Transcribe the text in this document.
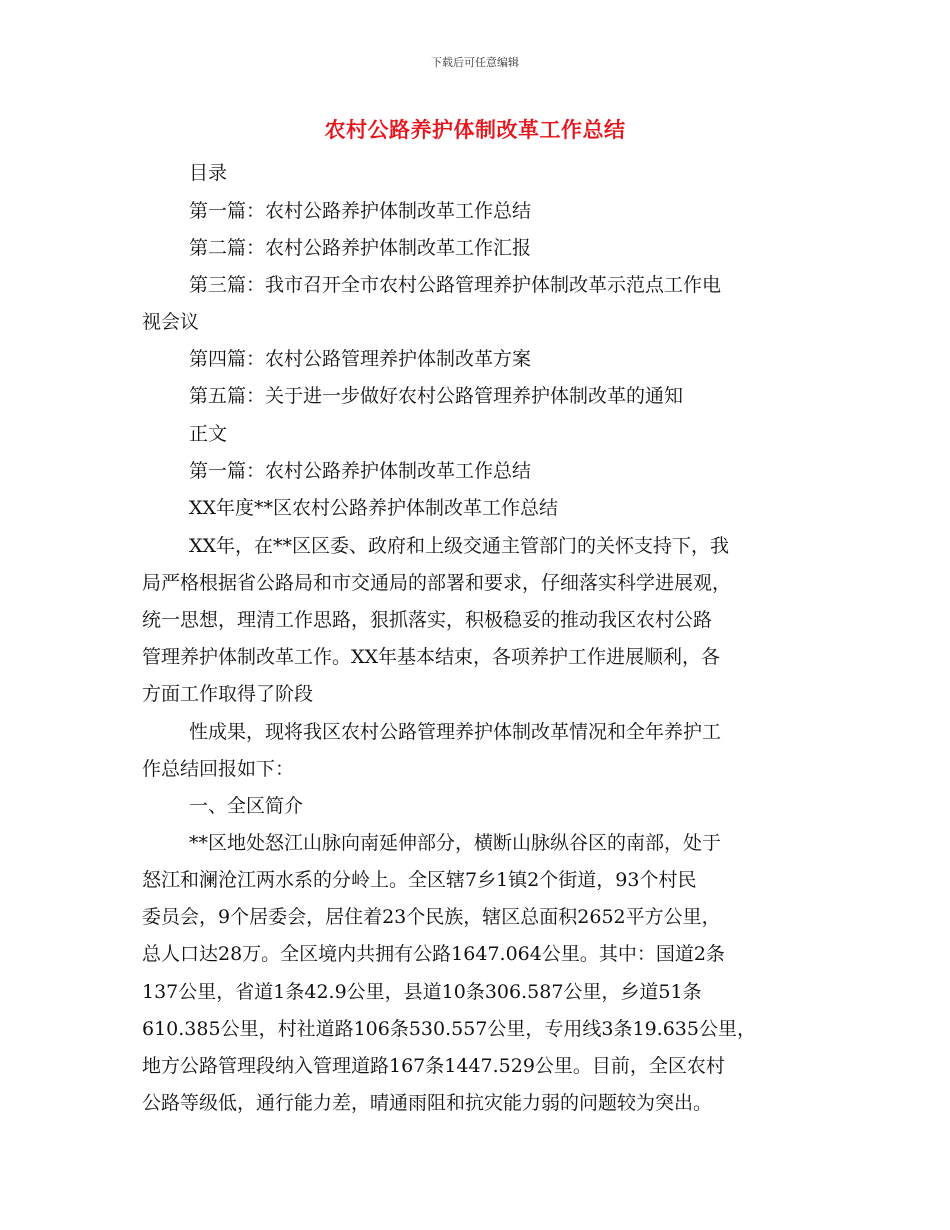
下载后可任意编辑
农村公路养护体制改革工作总结
目录
第一篇：农村公路养护体制改革工作总结
第二篇：农村公路养护体制改革工作汇报
第三篇：我市召开全市农村公路管理养护体制改革示范点工作电
视会议
第四篇：农村公路管理养护体制改革方案
第五篇：关于进一步做好农村公路管理养护体制改革的通知
正文
第一篇：农村公路养护体制改革工作总结
XX年度**区农村公路养护体制改革工作总结
XX年，在**区区委、政府和上级交通主管部门的关怀支持下，我
局严格根据省公路局和市交通局的部署和要求，仔细落实科学进展观，
统一思想，理清工作思路，狠抓落实，积极稳妥的推动我区农村公路
管理养护体制改革工作。XX年基本结束，各项养护工作进展顺利，各
方面工作取得了阶段
性成果，现将我区农村公路管理养护体制改革情况和全年养护工
作总结回报如下：
一、全区简介
**区地处怒江山脉向南延伸部分，横断山脉纵谷区的南部，处于
怒江和澜沧江两水系的分岭上。全区辖7乡1镇2个街道，93个村民
委员会，9个居委会，居住着23个民族，辖区总面积2652平方公里，
总人口达28万。全区境内共拥有公路1647.064公里。其中：国道2条
137公里，省道1条42.9公里，县道10条306.587公里，乡道51条
610.385公里，村社道路106条530.557公里，专用线3条19.635公里，
地方公路管理段纳入管理道路167条1447.529公里。目前，全区农村
公路等级低，通行能力差，晴通雨阻和抗灾能力弱的问题较为突出。
